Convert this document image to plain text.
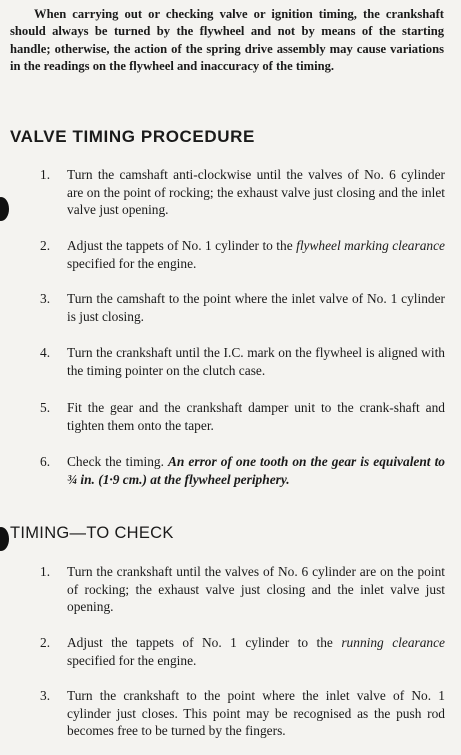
When carrying out or checking valve or ignition timing, the crankshaft should always be turned by the flywheel and not by means of the starting handle; otherwise, the action of the spring drive assembly may cause variations in the readings on the flywheel and inaccuracy of the timing.

VALVE TIMING PROCEDURE
1. Turn the camshaft anti-clockwise until the valves of No. 6 cylinder are on the point of rocking; the exhaust valve just closing and the inlet valve just opening.

2. Adjust the tappets of No. 1 cylinder to the flywheel marking clearance specified for the engine.

3. Turn the camshaft to the point where the inlet valve of No. 1 cylinder is just closing.

4. Turn the crankshaft until the I.C. mark on the flywheel is aligned with the timing pointer on the clutch case.

5. Fit the gear and the crankshaft damper unit to the crank-shaft and tighten them onto the taper.

6. Check the timing. An error of one tooth on the gear is equivalent to ¾ in. (1·9 cm.) at the flywheel periphery.

TIMING—TO CHECK
1. Turn the crankshaft until the valves of No. 6 cylinder are on the point of rocking; the exhaust valve just closing and the inlet valve just opening.

2. Adjust the tappets of No. 1 cylinder to the running clearance specified for the engine.

3. Turn the crankshaft to the point where the inlet valve of No. 1 cylinder just closes. This point may be recognised as the push rod becomes free to be turned by the fingers.
